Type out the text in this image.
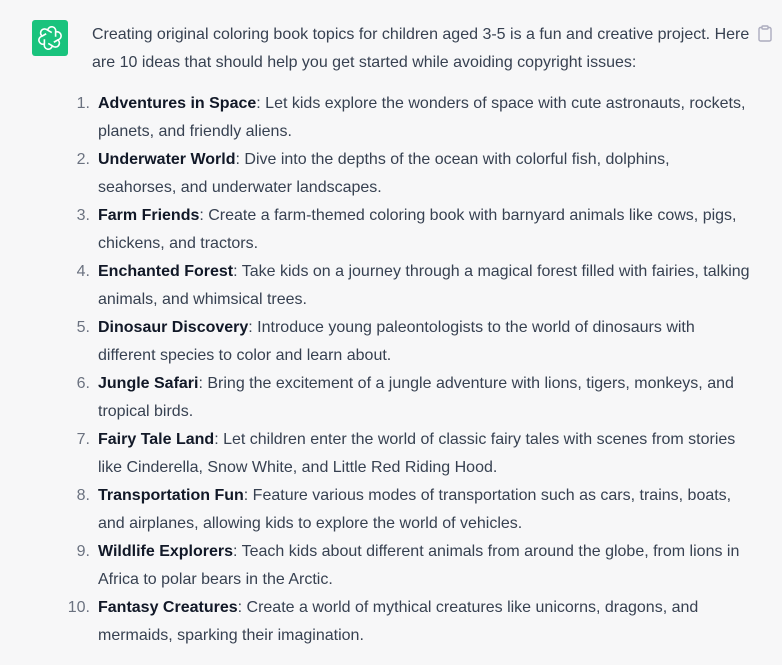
Creating original coloring book topics for children aged 3-5 is a fun and creative project. Here are 10 ideas that should help you get started while avoiding copyright issues:

1. Adventures in Space: Let kids explore the wonders of space with cute astronauts, rockets, planets, and friendly aliens.
2. Underwater World: Dive into the depths of the ocean with colorful fish, dolphins, seahorses, and underwater landscapes.
3. Farm Friends: Create a farm-themed coloring book with barnyard animals like cows, pigs, chickens, and tractors.
4. Enchanted Forest: Take kids on a journey through a magical forest filled with fairies, talking animals, and whimsical trees.
5. Dinosaur Discovery: Introduce young paleontologists to the world of dinosaurs with different species to color and learn about.
6. Jungle Safari: Bring the excitement of a jungle adventure with lions, tigers, monkeys, and tropical birds.
7. Fairy Tale Land: Let children enter the world of classic fairy tales with scenes from stories like Cinderella, Snow White, and Little Red Riding Hood.
8. Transportation Fun: Feature various modes of transportation such as cars, trains, boats, and airplanes, allowing kids to explore the world of vehicles.
9. Wildlife Explorers: Teach kids about different animals from around the globe, from lions in Africa to polar bears in the Arctic.
10. Fantasy Creatures: Create a world of mythical creatures like unicorns, dragons, and mermaids, sparking their imagination.
